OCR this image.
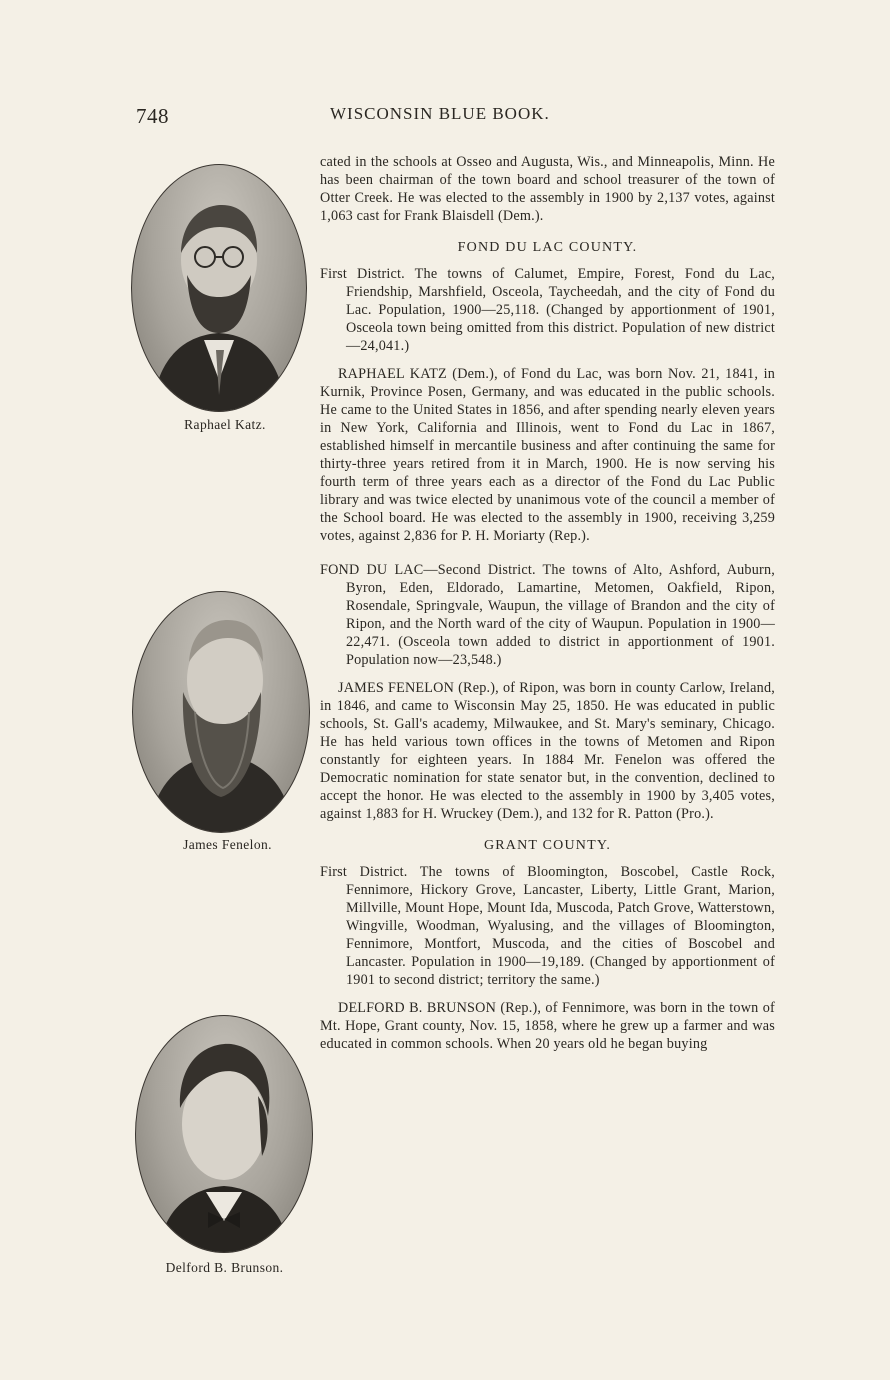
748	WISCONSIN BLUE BOOK.
Raphael Katz.
James Fenelon.
Delford B. Brunson.

cated in the schools at Osseo and Augusta, Wis., and Minneapolis, Minn. He has been chairman of the town board and school treasurer of the town of Otter Creek. He was elected to the assembly in 1900 by 2,137 votes, against 1,063 cast for Frank Blaisdell (Dem.).

FOND DU LAC COUNTY.

First District. The towns of Calumet, Empire, Forest, Fond du Lac, Friendship, Marshfield, Osceola, Taycheedah, and the city of Fond du Lac. Population, 1900—25,118. (Changed by apportionment of 1901, Osceola town being omitted from this district. Population of new district—24,041.)

RAPHAEL KATZ (Dem.), of Fond du Lac, was born Nov. 21, 1841, in Kurnik, Province Posen, Germany, and was educated in the public schools. He came to the United States in 1856, and after spending nearly eleven years in New York, California and Illinois, went to Fond du Lac in 1867, established himself in mercantile business and after continuing the same for thirty-three years retired from it in March, 1900. He is now serving his fourth term of three years each as a director of the Fond du Lac Public library and was twice elected by unanimous vote of the council a member of the School board. He was elected to the assembly in 1900, receiving 3,259 votes, against 2,836 for P. H. Moriarty (Rep.).

FOND DU LAC—Second District. The towns of Alto, Ashford, Auburn, Byron, Eden, Eldorado, Lamartine, Metomen, Oakfield, Ripon, Rosendale, Springvale, Waupun, the village of Brandon and the city of Ripon, and the North ward of the city of Waupun. Population in 1900—22,471. (Osceola town added to district in apportionment of 1901. Population now—23,548.)

JAMES FENELON (Rep.), of Ripon, was born in county Carlow, Ireland, in 1846, and came to Wisconsin May 25, 1850. He was educated in public schools, St. Gall's academy, Milwaukee, and St. Mary's seminary, Chicago. He has held various town offices in the towns of Metomen and Ripon constantly for eighteen years. In 1884 Mr. Fenelon was offered the Democratic nomination for state senator but, in the convention, declined to accept the honor. He was elected to the assembly in 1900 by 3,405 votes, against 1,883 for H. Wruckey (Dem.), and 132 for R. Patton (Pro.).

GRANT COUNTY.

First District. The towns of Bloomington, Boscobel, Castle Rock, Fennimore, Hickory Grove, Lancaster, Liberty, Little Grant, Marion, Millville, Mount Hope, Mount Ida, Muscoda, Patch Grove, Watterstown, Wingville, Woodman, Wyalusing, and the villages of Bloomington, Fennimore, Montfort, Muscoda, and the cities of Boscobel and Lancaster. Population in 1900—19,189. (Changed by apportionment of 1901 to second district; territory the same.)

DELFORD B. BRUNSON (Rep.), of Fennimore, was born in the town of Mt. Hope, Grant county, Nov. 15, 1858, where he grew up a farmer and was educated in common schools. When 20 years old he began buying
